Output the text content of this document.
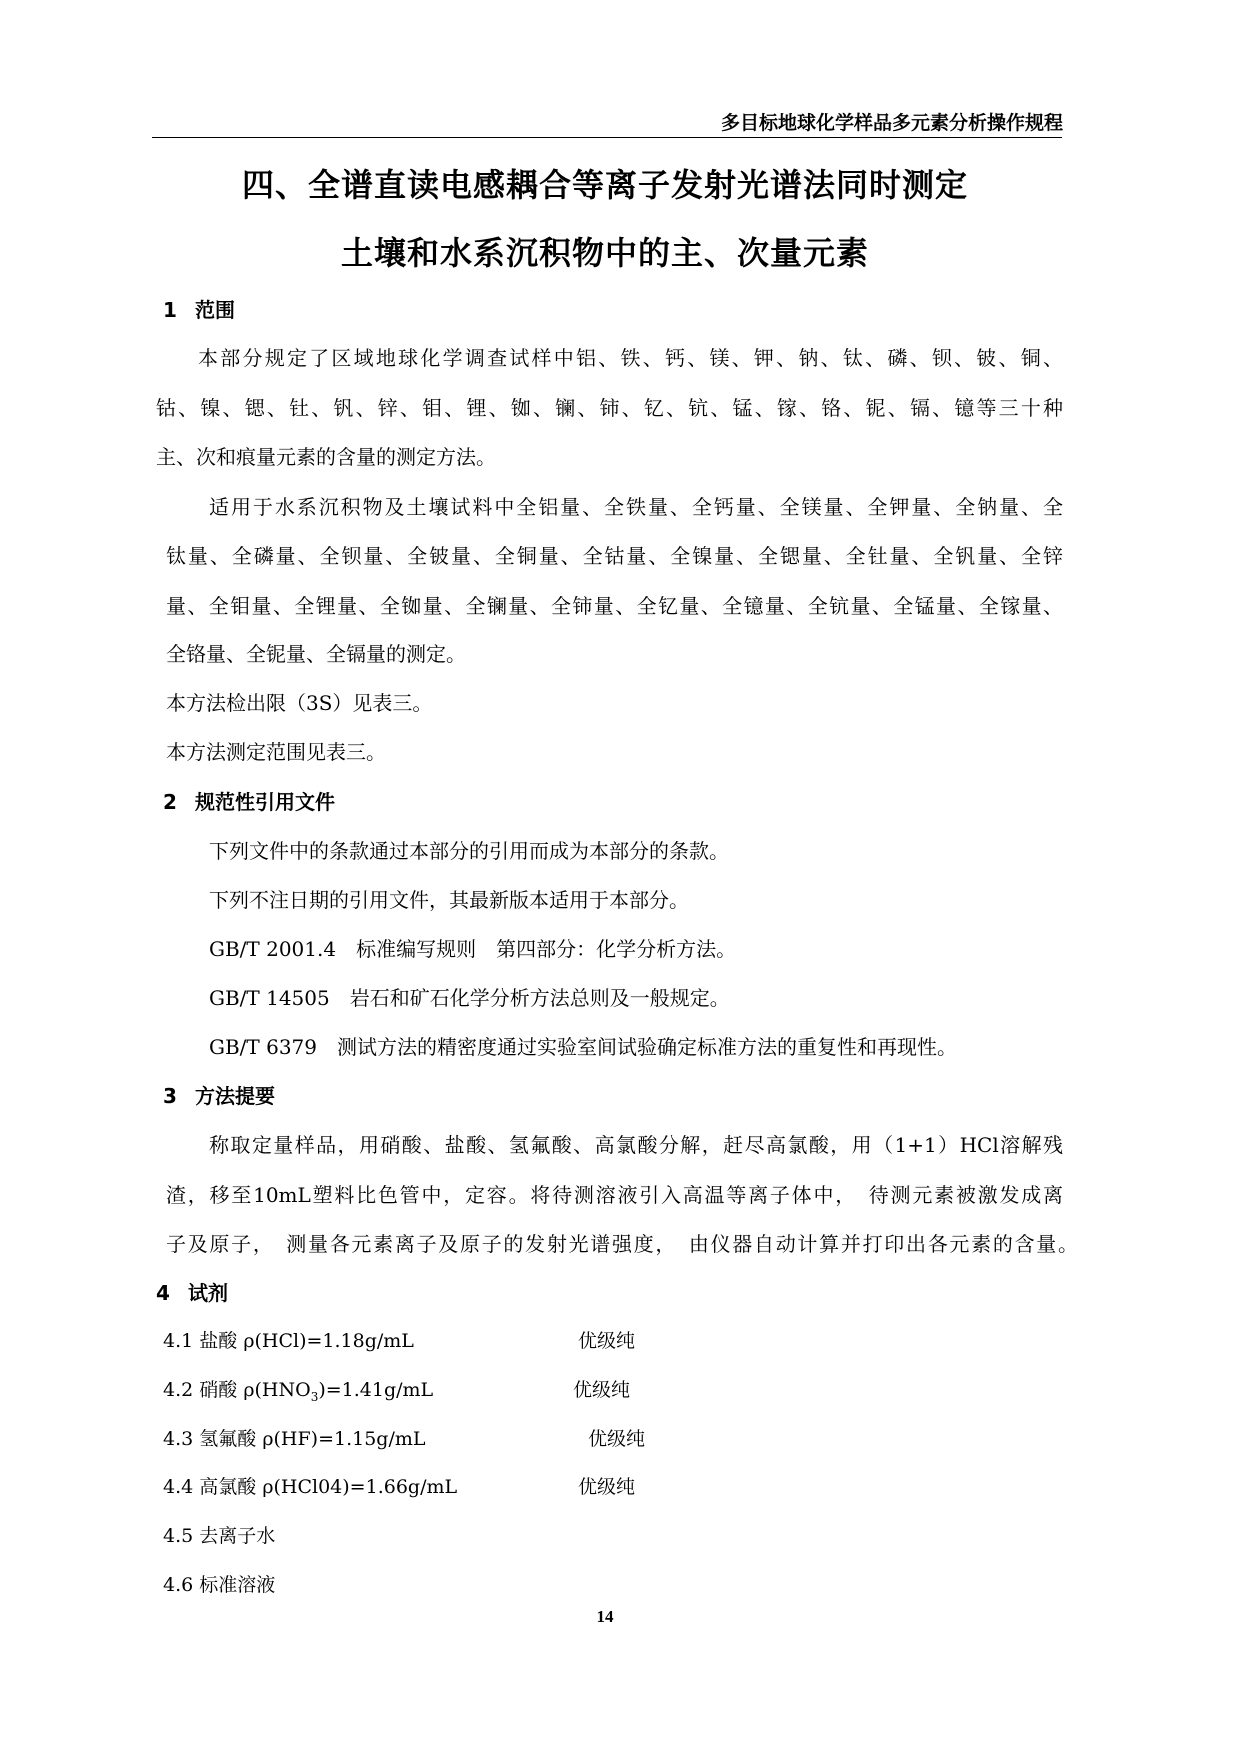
多目标地球化学样品多元素分析操作规程
四、全谱直读电感耦合等离子发射光谱法同时测定
土壤和水系沉积物中的主、次量元素
1 范围
本部分规定了区域地球化学调查试样中铝、铁、钙、镁、钾、钠、钛、磷、钡、铍、铜、
钴、镍、锶、钍、钒、锌、钼、锂、铷、镧、铈、钇、钪、锰、镓、铬、铌、镉、镱等三十种
主、次和痕量元素的含量的测定方法。
适用于水系沉积物及土壤试料中全铝量、全铁量、全钙量、全镁量、全钾量、全钠量、全
钛量、全磷量、全钡量、全铍量、全铜量、全钴量、全镍量、全锶量、全钍量、全钒量、全锌
量、全钼量、全锂量、全铷量、全镧量、全铈量、全钇量、全镱量、全钪量、全锰量、全镓量、
全铬量、全铌量、全镉量的测定。
本方法检出限（3S）见表三。
本方法测定范围见表三。
2 规范性引用文件
下列文件中的条款通过本部分的引用而成为本部分的条款。
下列不注日期的引用文件，其最新版本适用于本部分。
GB/T 2001.4　标准编写规则　第四部分：化学分析方法。
GB/T 14505　岩石和矿石化学分析方法总则及一般规定。
GB/T 6379　测试方法的精密度通过实验室间试验确定标准方法的重复性和再现性。
3 方法提要
称取定量样品，用硝酸、盐酸、氢氟酸、高氯酸分解，赶尽高氯酸，用（1+1）HCl溶解残
渣，移至10mL塑料比色管中，定容。将待测溶液引入高温等离子体中，　待测元素被激发成离
子及原子，　测量各元素离子及原子的发射光谱强度，　由仪器自动计算并打印出各元素的含量。
4 试剂
4.1 盐酸 ρ(HCl)=1.18g/mL	优级纯
4.2 硝酸 $\rho(HNO_3)=1.41g/mL$	优级纯
4.3 氢氟酸 ρ(HF)=1.15g/mL	优级纯
4.4 高氯酸 ρ(HCl04)=1.66g/mL	优级纯
4.5 去离子水
4.6 标准溶液
14
